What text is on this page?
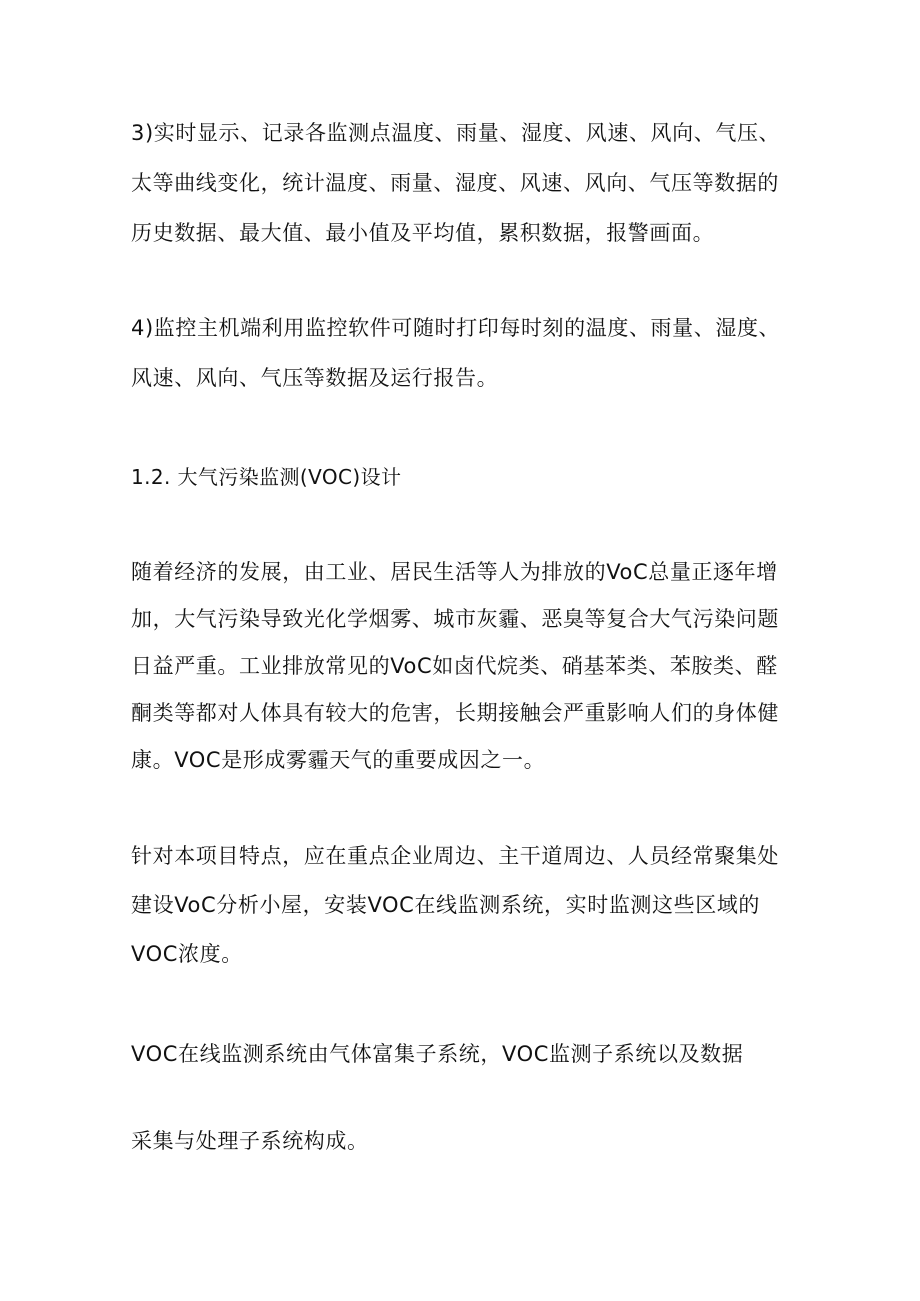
3)实时显示、记录各监测点温度、雨量、湿度、风速、风向、气压、
太等曲线变化，统计温度、雨量、湿度、风速、风向、气压等数据的
历史数据、最大值、最小值及平均值，累积数据，报警画面。
4)监控主机端利用监控软件可随时打印每时刻的温度、雨量、湿度、
风速、风向、气压等数据及运行报告。
1.2. 大气污染监测(VOC)设计
随着经济的发展，由工业、居民生活等人为排放的VoC总量正逐年增
加，大气污染导致光化学烟雾、城市灰霾、恶臭等复合大气污染问题
日益严重。工业排放常见的VoC如卤代烷类、硝基苯类、苯胺类、醛
酮类等都对人体具有较大的危害，长期接触会严重影响人们的身体健
康。VOC是形成雾霾天气的重要成因之一。
针对本项目特点，应在重点企业周边、主干道周边、人员经常聚集处
建设VoC分析小屋，安装VOC在线监测系统，实时监测这些区域的
VOC浓度。
VOC在线监测系统由气体富集子系统，VOC监测子系统以及数据
采集与处理子系统构成。
